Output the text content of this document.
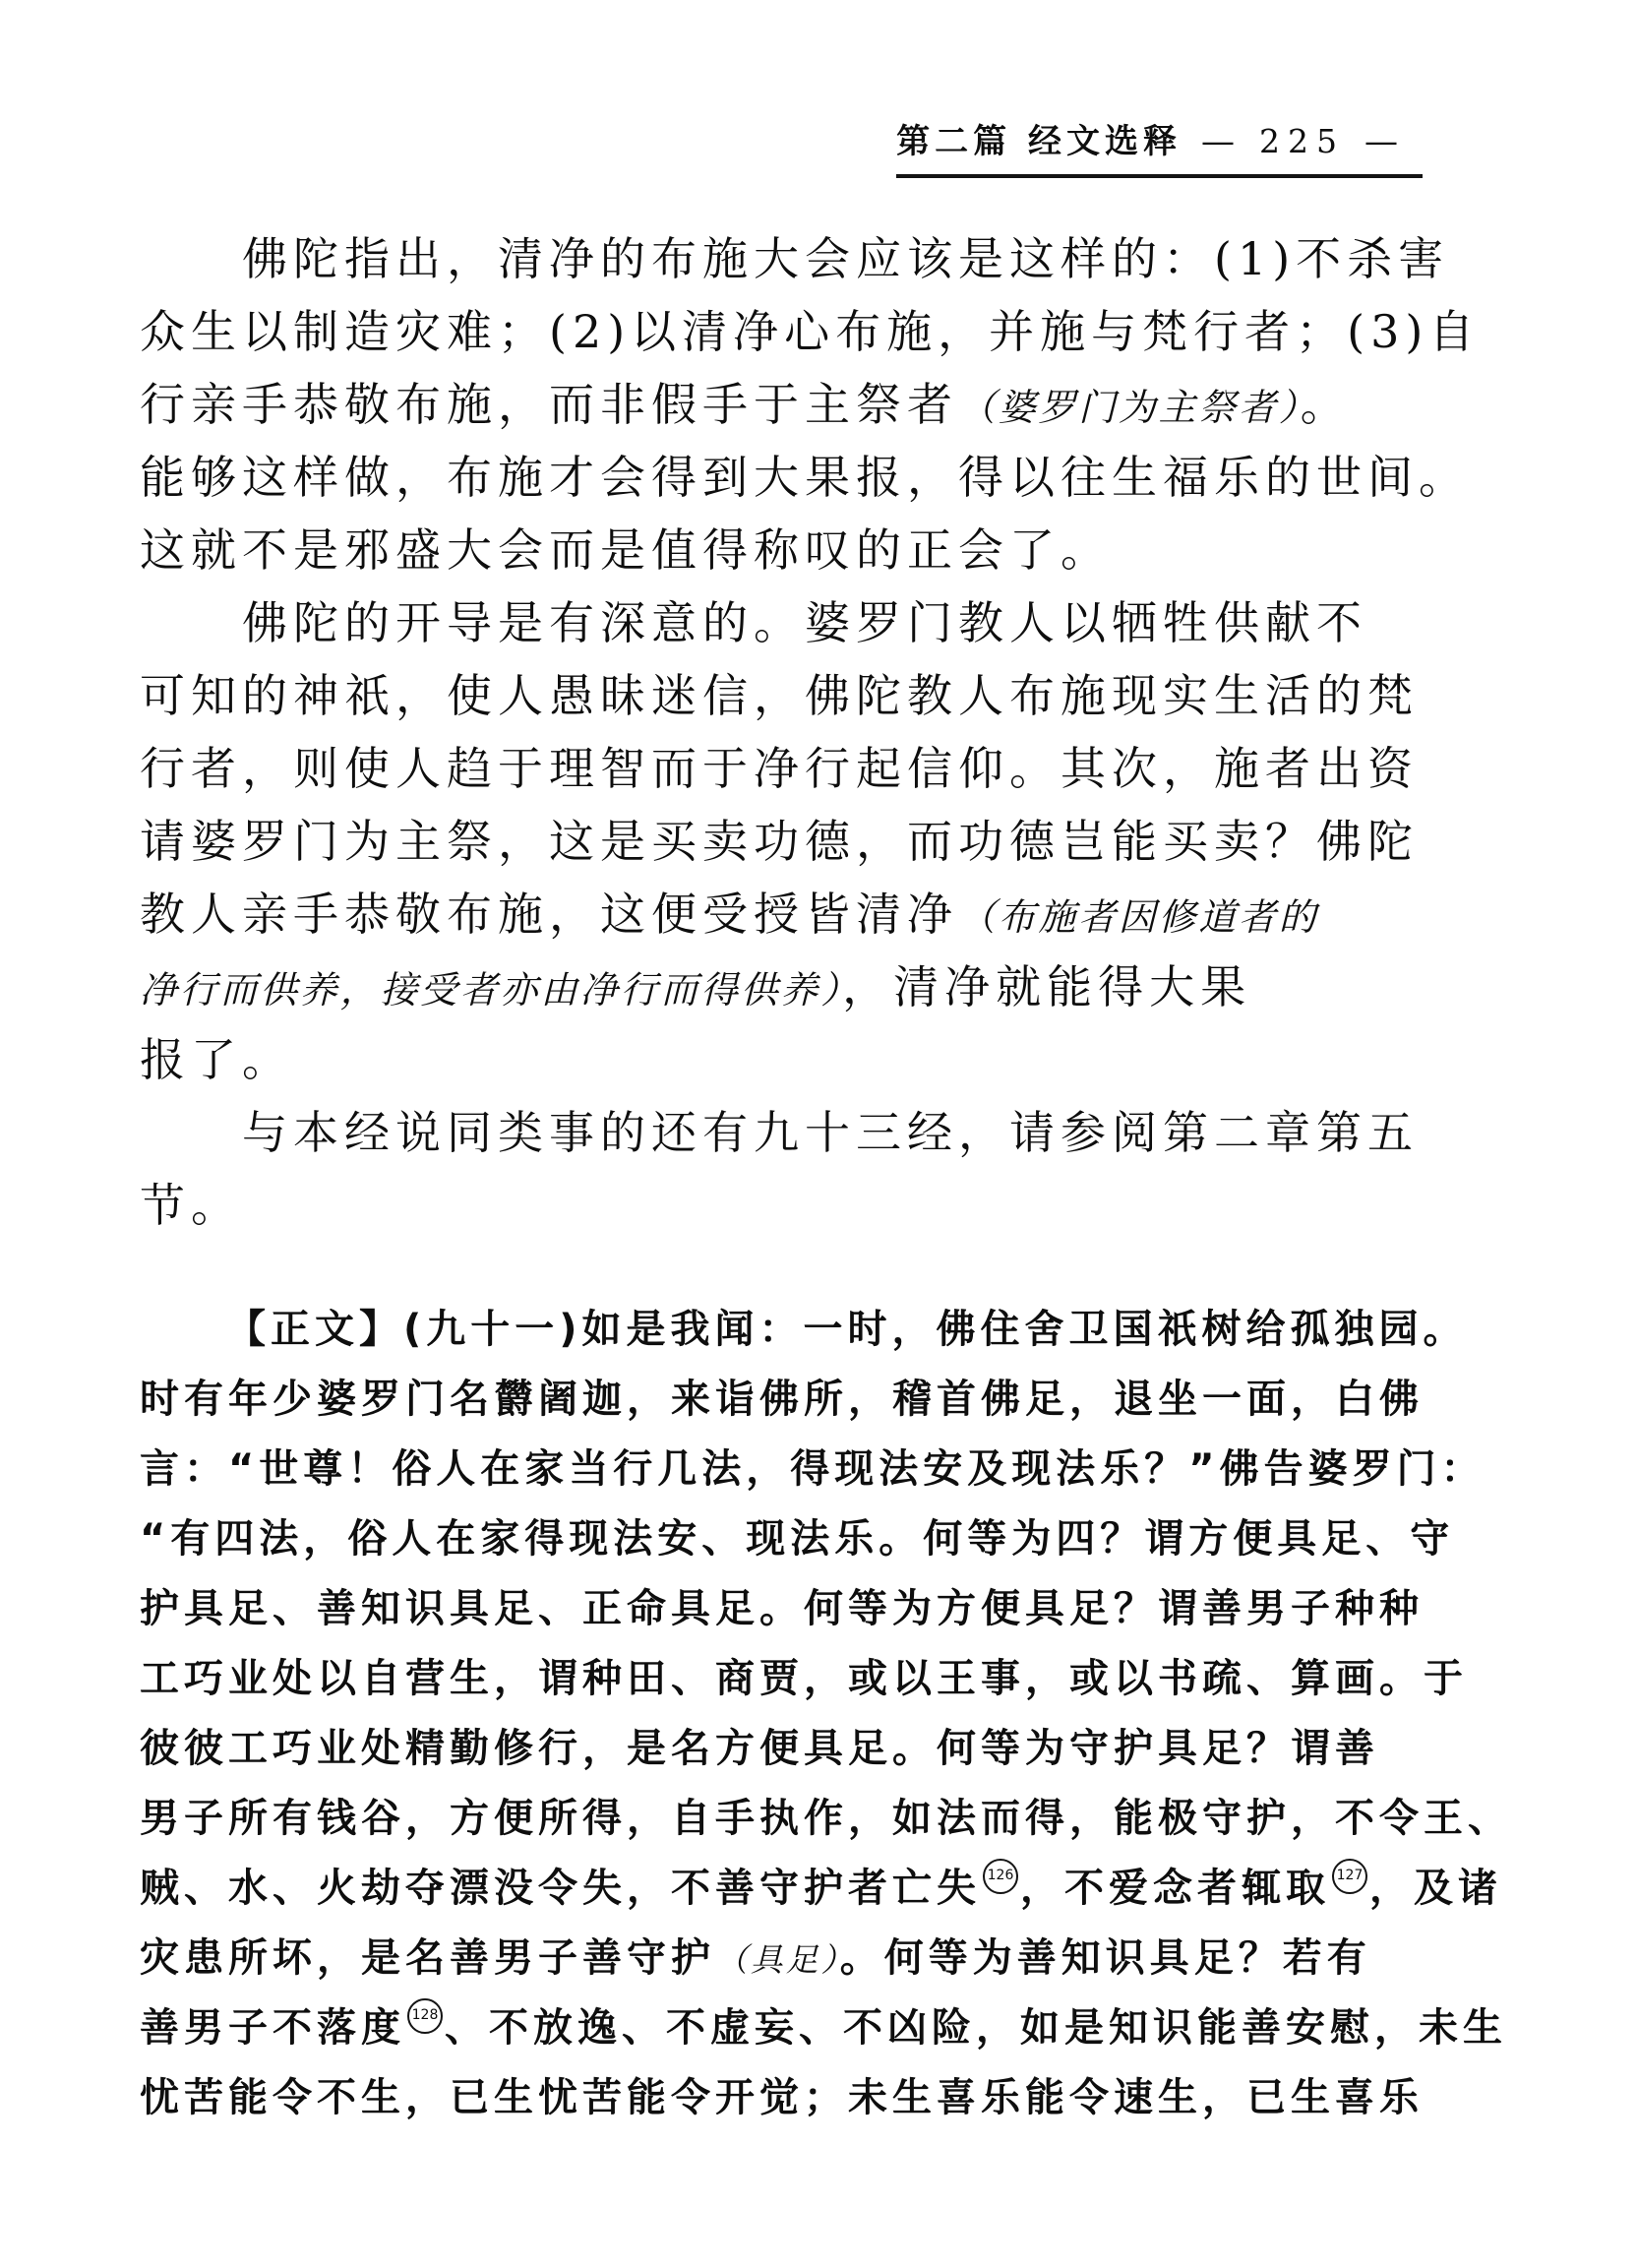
第二篇 经文选释 — 225 —
佛陀指出，清净的布施大会应该是这样的：(1)不杀害
众生以制造灾难；(2)以清净心布施，并施与梵行者；(3)自
行亲手恭敬布施，而非假手于主祭者（婆罗门为主祭者）。
能够这样做，布施才会得到大果报，得以往生福乐的世间。
这就不是邪盛大会而是值得称叹的正会了。
佛陀的开导是有深意的。婆罗门教人以牺牲供献不
可知的神祇，使人愚昧迷信，佛陀教人布施现实生活的梵
行者，则使人趋于理智而于净行起信仰。其次，施者出资
请婆罗门为主祭，这是买卖功德，而功德岂能买卖？佛陀
教人亲手恭敬布施，这便受授皆清净（布施者因修道者的
净行而供养，接受者亦由净行而得供养），清净就能得大果
报了。
与本经说同类事的还有九十三经，请参阅第二章第五
节。
【正文】(九十一)如是我闻：一时，佛住舍卫国祇树给孤独园。
时有年少婆罗门名欝阇迦，来诣佛所，稽首佛足，退坐一面，白佛
言：“世尊！俗人在家当行几法，得现法安及现法乐？”佛告婆罗门：
“有四法，俗人在家得现法安、现法乐。何等为四？谓方便具足、守
护具足、善知识具足、正命具足。何等为方便具足？谓善男子种种
工巧业处以自营生，谓种田、商贾，或以王事，或以书疏、算画。于
彼彼工巧业处精勤修行，是名方便具足。何等为守护具足？谓善
男子所有钱谷，方便所得，自手执作，如法而得，能极守护，不令王、
贼、水、火劫夺漂没令失，不善守护者亡失 126 ，不爱念者辄取 127 ，及诸
灾患所坏，是名善男子善守护（具足）。何等为善知识具足？若有
善男子不落度 128 、不放逸、不虚妄、不凶险，如是知识能善安慰，未生
忧苦能令不生，已生忧苦能令开觉；未生喜乐能令速生，已生喜乐
